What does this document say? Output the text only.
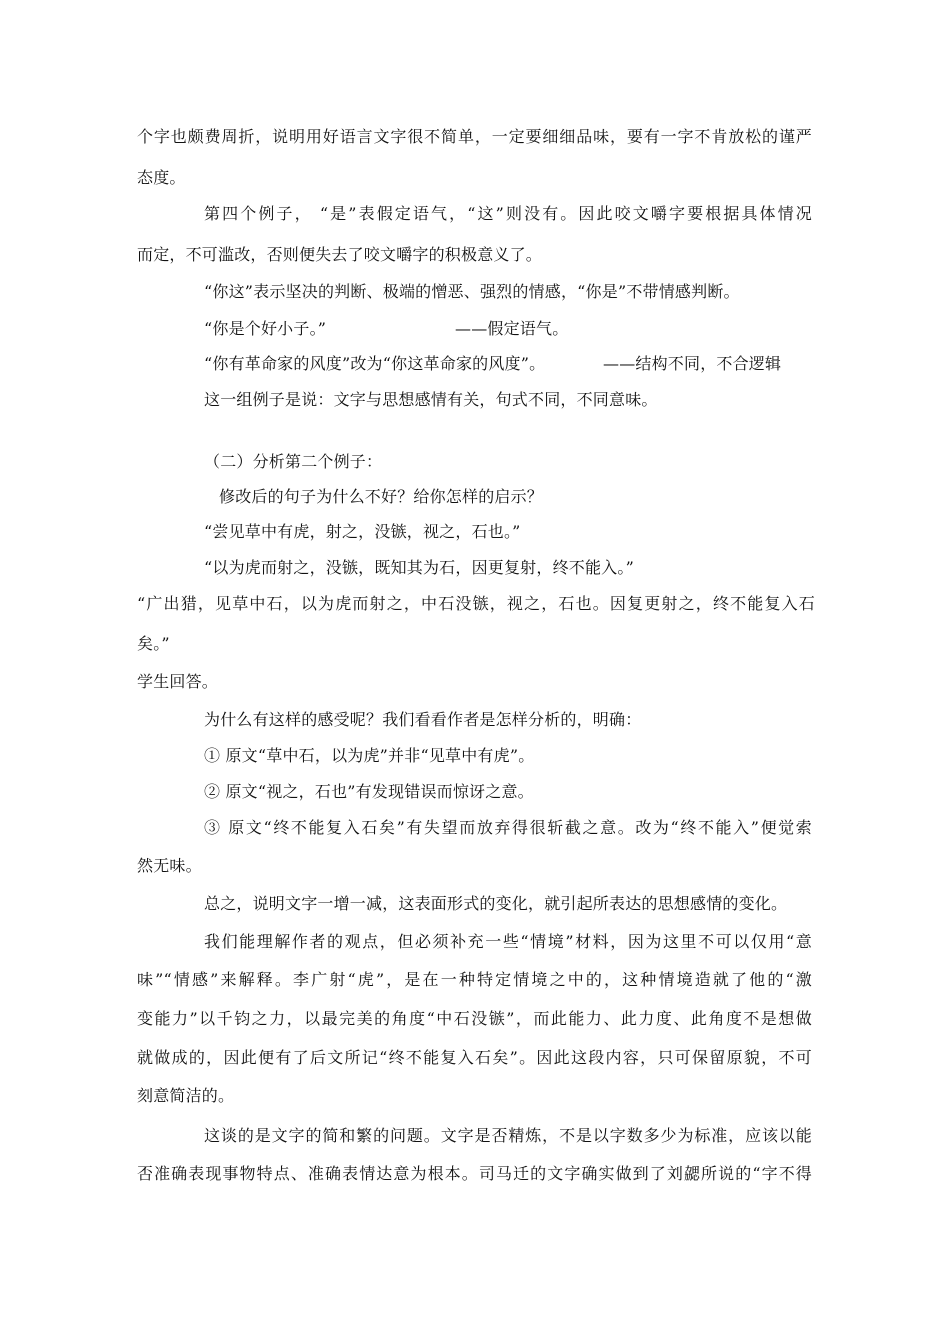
个字也颇费周折，说明用好语言文字很不简单，一定要细细品味，要有一字不肯放松的谨严
态度。
第四个例子， “是”表假定语气，“这”则没有。因此咬文嚼字要根据具体情况
而定，不可滥改，否则便失去了咬文嚼字的积极意义了。
“你这”表示坚决的判断、极端的憎恶、强烈的情感，“你是”不带情感判断。
“你是个好小子。”	——假定语气。
“你有革命家的风度”改为“你这革命家的风度”。	——结构不同，不合逻辑
这一组例子是说：文字与思想感情有关，句式不同，不同意味。
（二）分析第二个例子：
修改后的句子为什么不好？给你怎样的启示？
“尝见草中有虎，射之，没镞，视之，石也。”
“以为虎而射之，没镞，既知其为石，因更复射，终不能入。”
“广出猎，见草中石，以为虎而射之，中石没镞，视之，石也。因复更射之，终不能复入石
矣。”
学生回答。
为什么有这样的感受呢？我们看看作者是怎样分析的，明确：
① 原文“草中石，以为虎”并非“见草中有虎”。
② 原文“视之，石也”有发现错误而惊讶之意。
③ 原文“终不能复入石矣”有失望而放弃得很斩截之意。改为“终不能入”便觉索
然无味。
总之，说明文字一增一减，这表面形式的变化，就引起所表达的思想感情的变化。
我们能理解作者的观点，但必须补充一些“情境”材料，因为这里不可以仅用“意
味”“情感”来解释。李广射“虎”，是在一种特定情境之中的，这种情境造就了他的“激
变能力”以千钧之力，以最完美的角度“中石没镞”，而此能力、此力度、此角度不是想做
就做成的，因此便有了后文所记“终不能复入石矣”。因此这段内容，只可保留原貌，不可
刻意简洁的。
这谈的是文字的简和繁的问题。文字是否精炼，不是以字数多少为标准，应该以能
否准确表现事物特点、准确表情达意为根本。司马迁的文字确实做到了刘勰所说的“字不得
